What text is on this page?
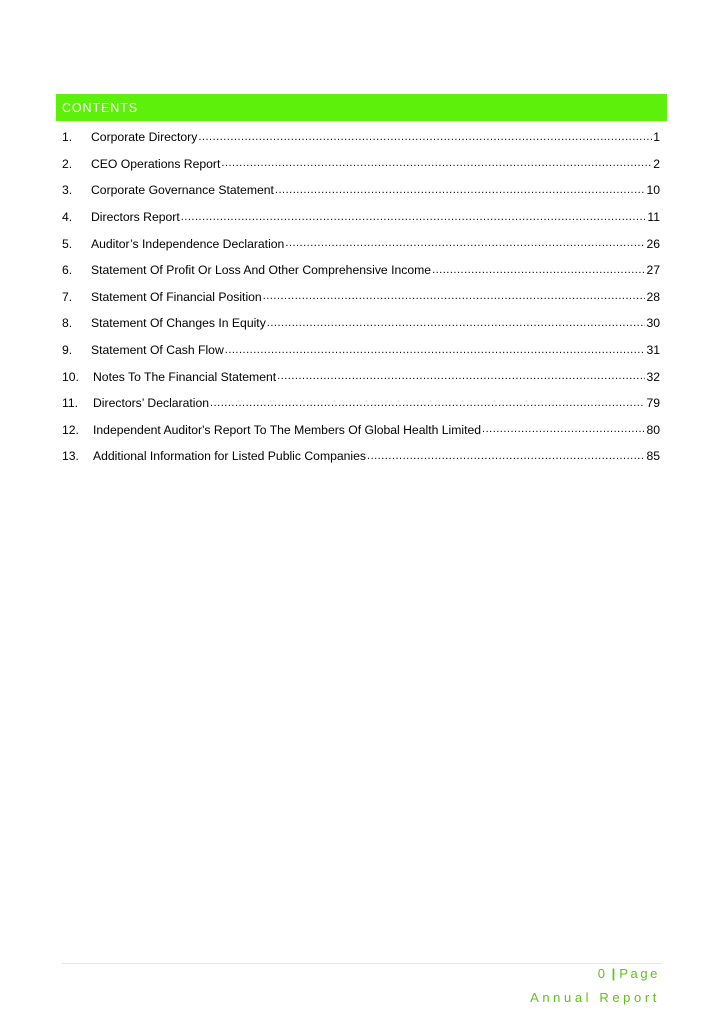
CONTENTS
1.	Corporate Directory .....	1
2.	CEO Operations Report .....	2
3.	Corporate Governance Statement .....	10
4.	Directors Report .....	11
5.	Auditor’s Independence Declaration .....	26
6.	Statement Of Profit Or Loss And Other Comprehensive Income .....	27
7.	Statement Of Financial Position .....	28
8.	Statement Of Changes In Equity .....	30
9.	Statement Of Cash Flow .....	31
10.	Notes To The Financial Statement .....	32
11.	Directors’ Declaration .....	79
12.	Independent Auditor's Report To The Members Of Global Health Limited .....	80
13.	Additional Information for Listed Public Companies .....	85
0 | Page
Annual Report
